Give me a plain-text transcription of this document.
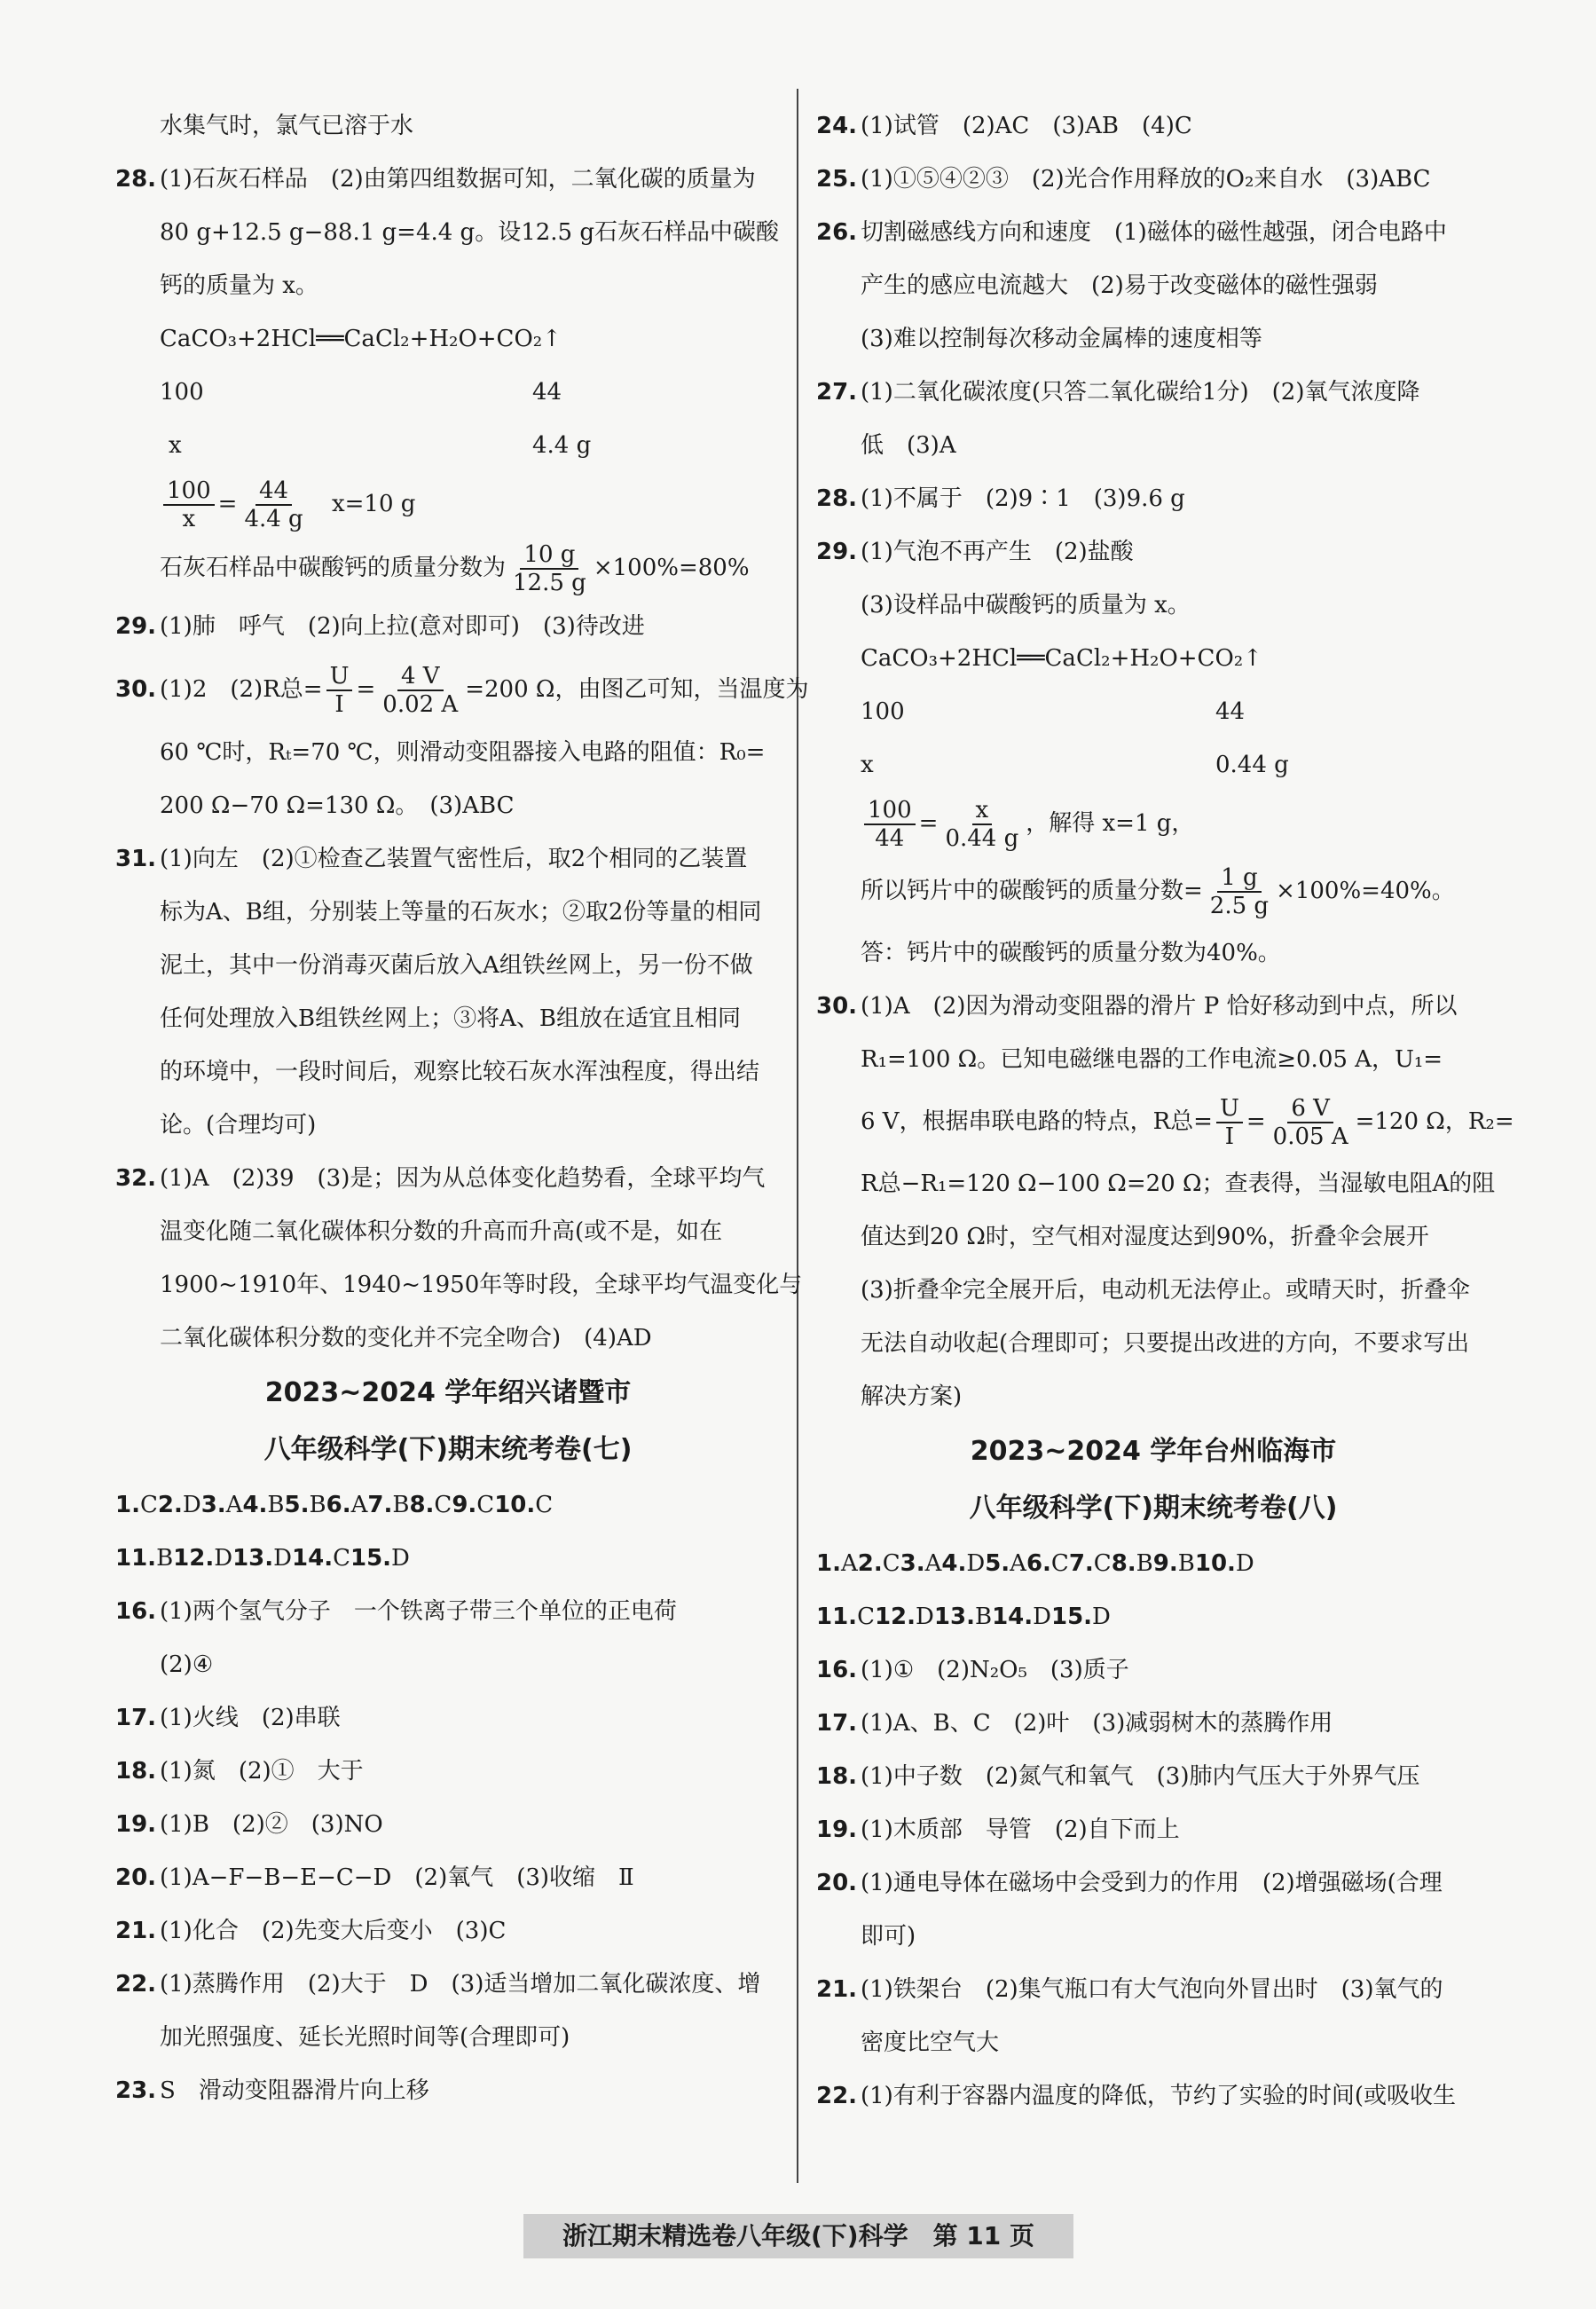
水集气时，氯气已溶于水
28. (1)石灰石样品　(2)由第四组数据可知，二氧化碳的质量为
80 g+12.5 g−88.1 g=4.4 g。设12.5 g石灰石样品中碳酸
钙的质量为 x。
CaCO₃+2HCl══CaCl₂+H₂O+CO₂↑
100	44
x	4.4 g
$\frac{100}{x} = \frac{44}{4.4 g} x=10$ g
石灰石样品中碳酸钙的质量分数为 $\frac{10 g}{12.5 g} \times 100\%=80\%$
29. (1)肺　呼气　(2)向上拉(意对即可)　(3)待改进
30. (1)2　(2)R总= $\frac{U}{I} = \frac{4 V}{0.02 A} =200$ Ω，由图乙可知，当温度为
60 ℃时，Rₜ=70 ℃，则滑动变阻器接入电路的阻值：R₀=
200 Ω−70 Ω=130 Ω。　(3)ABC
31. (1)向左　(2)①检查乙装置气密性后，取2个相同的乙装置
标为A、B组，分别装上等量的石灰水；②取2份等量的相同
泥土，其中一份消毒灭菌后放入A组铁丝网上，另一份不做
任何处理放入B组铁丝网上；③将A、B组放在适宜且相同
的环境中，一段时间后，观察比较石灰水浑浊程度，得出结
论。(合理均可)
32. (1)A　(2)39　(3)是；因为从总体变化趋势看，全球平均气
温变化随二氧化碳体积分数的升高而升高(或不是，如在
1900~1910年、1940~1950年等时段，全球平均气温变化与
二氧化碳体积分数的变化并不完全吻合)　(4)AD
2023~2024 学年绍兴诸暨市
八年级科学(下)期末统考卷(七)
1.C2.D3.A4.B5.B6.A7.B8.C9.C10.C
11.B12.D13.D14.C15.D
16. (1)两个氢气分子　一个铁离子带三个单位的正电荷
(2)④
17. (1)火线　(2)串联
18. (1)氮　(2)①　大于
19. (1)B　(2)②　(3)NO
20. (1)A−F−B−E−C−D　(2)氧气　(3)收缩　Ⅱ
21. (1)化合　(2)先变大后变小　(3)C
22. (1)蒸腾作用　(2)大于　D　(3)适当增加二氧化碳浓度、增
加光照强度、延长光照时间等(合理即可)
23. S　滑动变阻器滑片向上移
24. (1)试管　(2)AC　(3)AB　(4)C
25. (1)①⑤④②③　(2)光合作用释放的O₂来自水　(3)ABC
26. 切割磁感线方向和速度　(1)磁体的磁性越强，闭合电路中
产生的感应电流越大　(2)易于改变磁体的磁性强弱
(3)难以控制每次移动金属棒的速度相等
27. (1)二氧化碳浓度(只答二氧化碳给1分)　(2)氧气浓度降
低　(3)A
28. (1)不属于　(2)9∶1　(3)9.6 g
29. (1)气泡不再产生　(2)盐酸
(3)设样品中碳酸钙的质量为 x。
CaCO₃+2HCl══CaCl₂+H₂O+CO₂↑
100	44
x	0.44 g
$\frac{100}{44} = \frac{x}{0.44 g}$ ，解得 x=1 g，
所以钙片中的碳酸钙的质量分数= $\frac{1 g}{2.5 g} \times 100\%=40\%$。
答：钙片中的碳酸钙的质量分数为40%。
30. (1)A　(2)因为滑动变阻器的滑片 P 恰好移动到中点，所以
R₁=100 Ω。已知电磁继电器的工作电流≥0.05 A，U₁=
6 V，根据串联电路的特点，R总= $\frac{U}{I} = \frac{6 V}{0.05 A} =120$ Ω，R₂=
R总−R₁=120 Ω−100 Ω=20 Ω；查表得，当湿敏电阻A的阻
值达到20 Ω时，空气相对湿度达到90%，折叠伞会展开
(3)折叠伞完全展开后，电动机无法停止。或晴天时，折叠伞
无法自动收起(合理即可；只要提出改进的方向，不要求写出
解决方案)
2023~2024 学年台州临海市
八年级科学(下)期末统考卷(八)
1.A2.C3.A4.D5.A6.C7.C8.B9.B10.D
11.C12.D13.B14.D15.D
16. (1)①　(2)N₂O₅　(3)质子
17. (1)A、B、C　(2)叶　(3)减弱树木的蒸腾作用
18. (1)中子数　(2)氮气和氧气　(3)肺内气压大于外界气压
19. (1)木质部　导管　(2)自下而上
20. (1)通电导体在磁场中会受到力的作用　(2)增强磁场(合理
即可)
21. (1)铁架台　(2)集气瓶口有大气泡向外冒出时　(3)氧气的
密度比空气大
22. (1)有利于容器内温度的降低，节约了实验的时间(或吸收生
浙江期末精选卷八年级(下)科学　第 11 页
